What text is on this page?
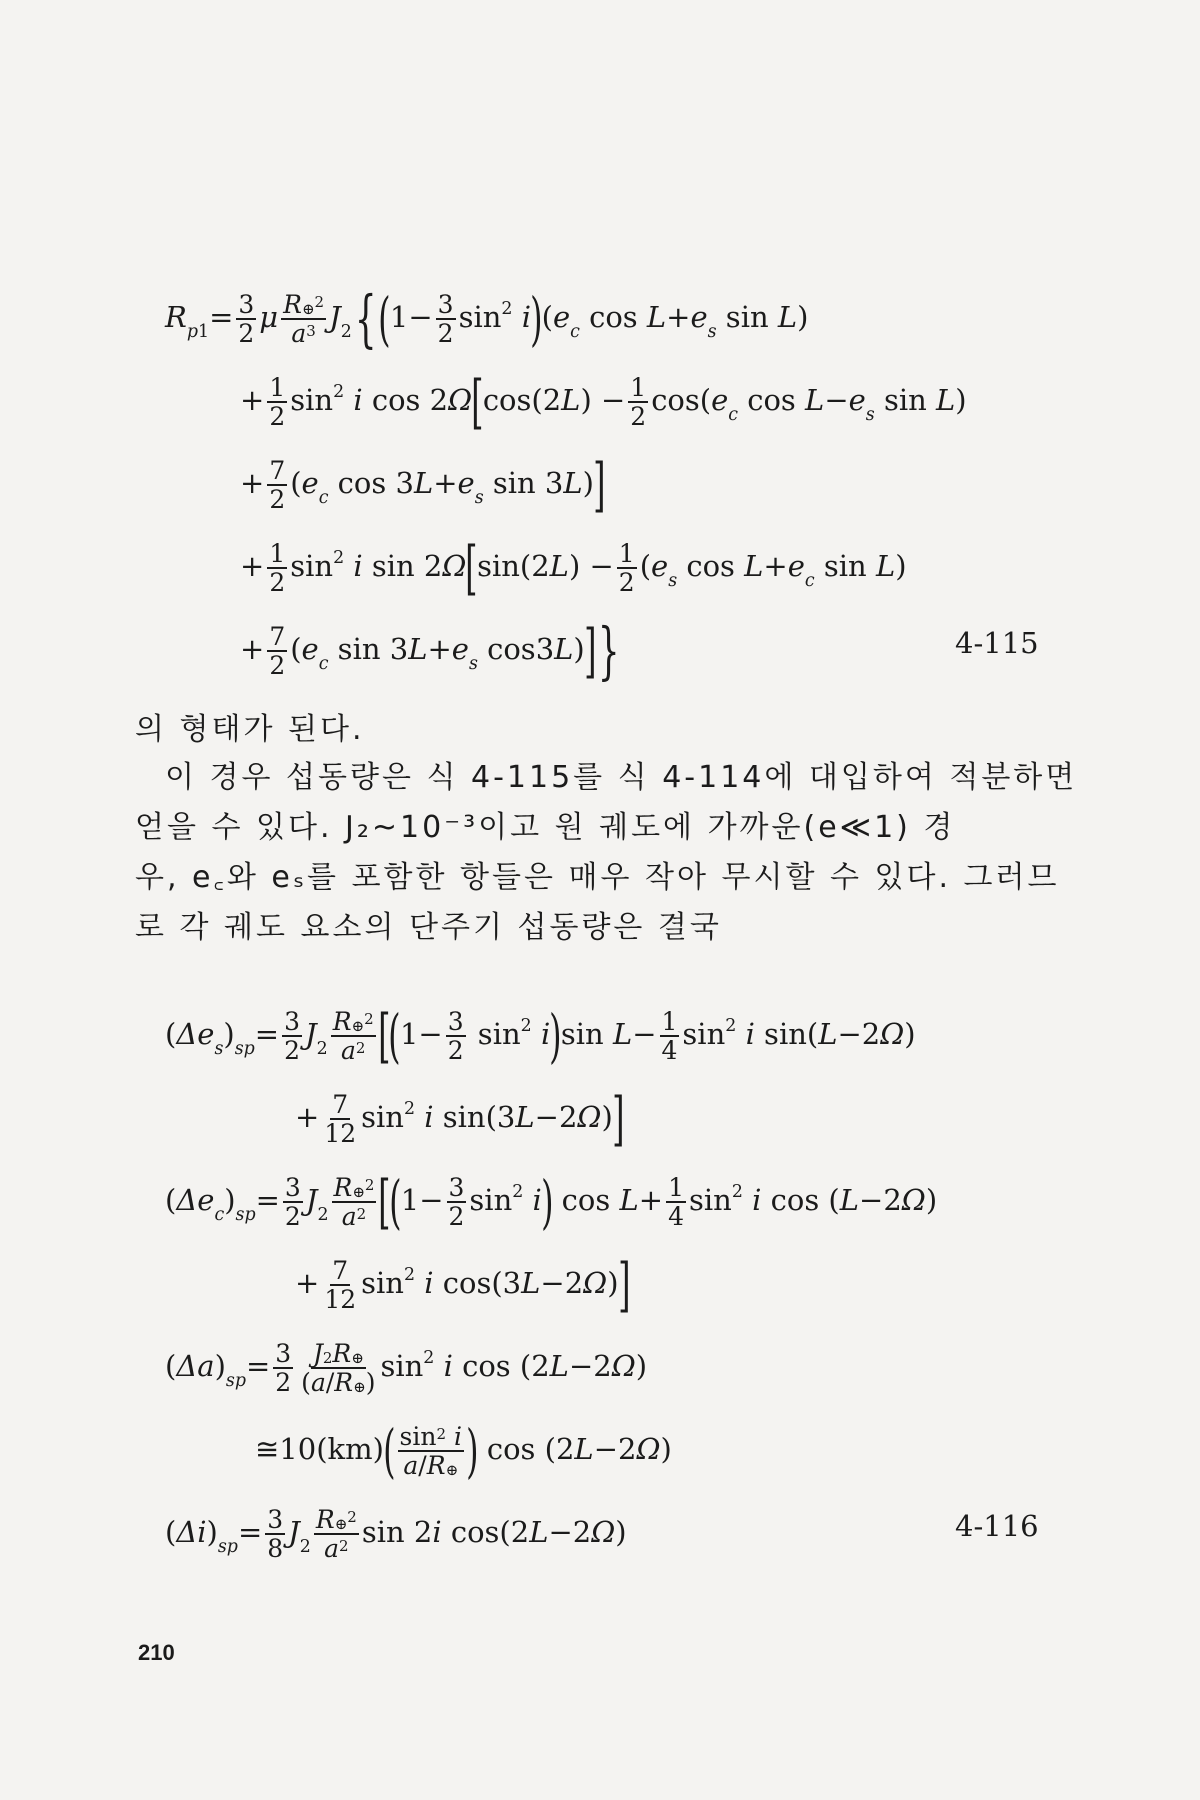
$R_{p1}= \frac{3}{2}$ μ $\frac{R_\oplus^2}{a^3} J_2\{(1- \frac{3}{2} \sin^2 i)(e_c$ $\cos L+e_s$ sin L)
+ $\frac{1}{2} \sin^2 i$ $\cos 2\Omega[\cos(2L) - \frac{1}{2} \cos(e_c$ $\cos L-e_s$ sin L)
+ $\frac{7}{2} (e_c$ $\cos 3L+e_s$ sin 3L)]
+ $\frac{1}{2} \sin^2 i$ $\sin 2\Omega[\sin(2L) - \frac{1}{2} (e_s$ $\cos L+e_c$ sin L)
+ $\frac{7}{2} (e_c$ $\sin 3L+e_s$ cos3L)]}	4-115
의 형태가 된다.
이 경우 섭동량은 식 4-115를 식 4-114에 대입하여 적분하면
얻을 수 있다. J₂~10⁻³이고 원 궤도에 가까운(e≪1) 경
우, e꜀와 eₛ를 포함한 항들은 매우 작아 무시할 수 있다. 그러므
로 각 궤도 요소의 단주기 섭동량은 결국
$(\Delta e_s)_{sp}= \frac{3}{2} J_2 \frac{R_\oplus^2}{a^2} [(1- \frac{3}{2} \sin^2 i)\sin$ $L- \frac{1}{4} \sin^2 i$ sin(L−2Ω)
+ $\frac{7}{12} \sin^2 i$ sin(3L−2Ω)]
$(\Delta e_c)_{sp}= \frac{3}{2} J_2 \frac{R_\oplus^2}{a^2} [(1- \frac{3}{2} \sin^2 i)$ $\cos L+ \frac{1}{4} \sin^2 i$ cos (L−2Ω)
+ $\frac{7}{12} \sin^2 i$ cos(3L−2Ω)]
$(\Delta a)_{sp}= \frac{3}{2} \frac{J_2R_\oplus}{(a/R_\oplus)} \sin^2 i$ cos (2L−2Ω)
≅10(km)( $\frac{\sin^2 i}{a/R_\oplus}$ ) cos (2L−2Ω)
$(\Delta i)_{sp}= \frac{3}{8} J_2 \frac{R_\oplus^2}{a^2}$ sin 2i cos(2L−2Ω)	4-116
210
